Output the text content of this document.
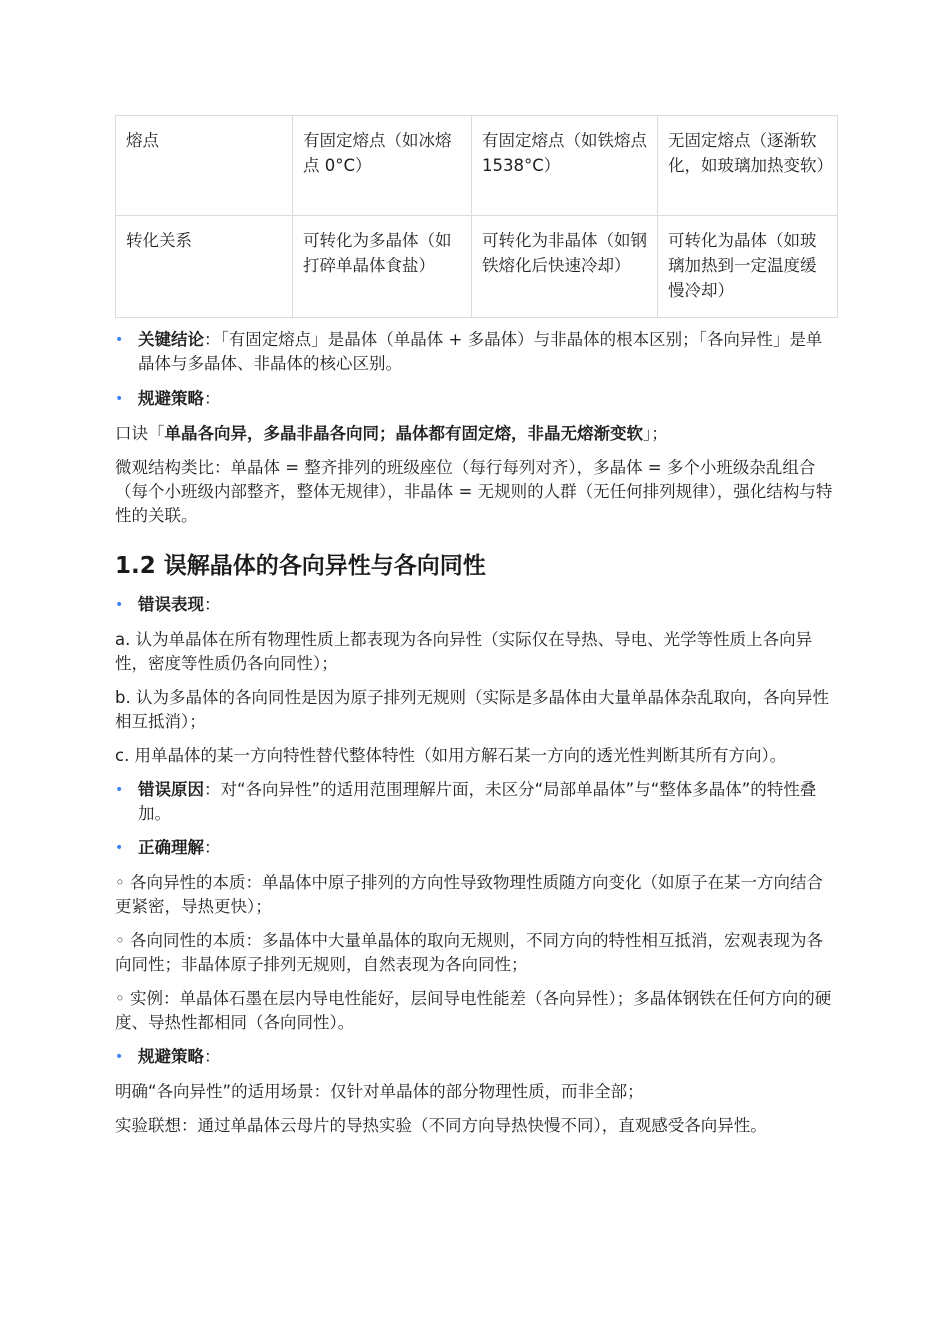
熔点	有固定熔点（如冰熔点 0°C）	有固定熔点（如铁熔点 1538°C）	无固定熔点（逐渐软化，如玻璃加热变软）
转化关系	可转化为多晶体（如打碎单晶体食盐）	可转化为非晶体（如钢铁熔化后快速冷却）	可转化为晶体（如玻璃加热到一定温度缓慢冷却）
• 关键结论：「有固定熔点」是晶体（单晶体 + 多晶体）与非晶体的根本区别；「各向异性」是单晶体与多晶体、非晶体的核心区别。
• 规避策略：

口诀「单晶各向异，多晶非晶各向同；晶体都有固定熔，非晶无熔渐变软」；

微观结构类比：单晶体 = 整齐排列的班级座位（每行每列对齐），多晶体 = 多个小班级杂乱组合（每个小班级内部整齐，整体无规律），非晶体 = 无规则的人群（无任何排列规律），强化结构与特性的关联。

1.2 误解晶体的各向异性与各向同性
• 错误表现：

a. 认为单晶体在所有物理性质上都表现为各向异性（实际仅在导热、导电、光学等性质上各向异性，密度等性质仍各向同性）；

b. 认为多晶体的各向同性是因为原子排列无规则（实际是多晶体由大量单晶体杂乱取向，各向异性相互抵消）；

c. 用单晶体的某一方向特性替代整体特性（如用方解石某一方向的透光性判断其所有方向）。

• 错误原因：对“各向异性”的适用范围理解片面，未区分“局部单晶体”与“整体多晶体”的特性叠加。
• 正确理解：

◦ 各向异性的本质：单晶体中原子排列的方向性导致物理性质随方向变化（如原子在某一方向结合更紧密，导热更快）；

◦ 各向同性的本质：多晶体中大量单晶体的取向无规则，不同方向的特性相互抵消，宏观表现为各向同性；非晶体原子排列无规则，自然表现为各向同性；

◦ 实例：单晶体石墨在层内导电性能好，层间导电性能差（各向异性）；多晶体钢铁在任何方向的硬度、导热性都相同（各向同性）。

• 规避策略：

明确“各向异性”的适用场景：仅针对单晶体的部分物理性质，而非全部；

实验联想：通过单晶体云母片的导热实验（不同方向导热快慢不同），直观感受各向异性。
